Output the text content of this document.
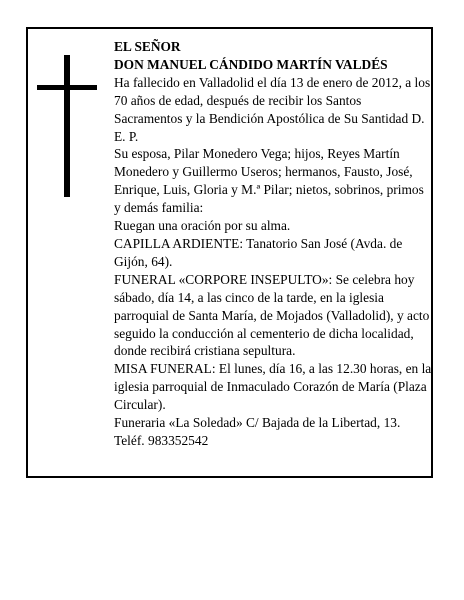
EL SEÑOR

DON MANUEL CÁNDIDO MARTÍN VALDÉS

Ha fallecido en Valladolid el día 13 de enero de 2012, a los 70 años de edad, después de recibir los Santos Sacramentos y la Bendición Apostólica de Su Santidad D. E. P.

Su esposa, Pilar Monedero Vega; hijos, Reyes Martín Monedero y Guillermo Useros; hermanos, Fausto, José, Enrique, Luis, Gloria y M.ª Pilar; nietos, sobrinos, primos y demás familia:

Ruegan una oración por su alma.

CAPILLA ARDIENTE: Tanatorio San José (Avda. de Gijón, 64).

FUNERAL «CORPORE INSEPULTO»: Se celebra hoy sábado, día 14, a las cinco de la tarde, en la iglesia parroquial de Santa María, de Mojados (Valladolid), y acto seguido la conducción al cementerio de dicha localidad, donde recibirá cristiana sepultura.

MISA FUNERAL: El lunes, día 16, a las 12.30 horas, en la iglesia parroquial de Inmaculado Corazón de María (Plaza Circular).

Funeraria «La Soledad» C/ Bajada de la Libertad, 13. Teléf. 983352542
